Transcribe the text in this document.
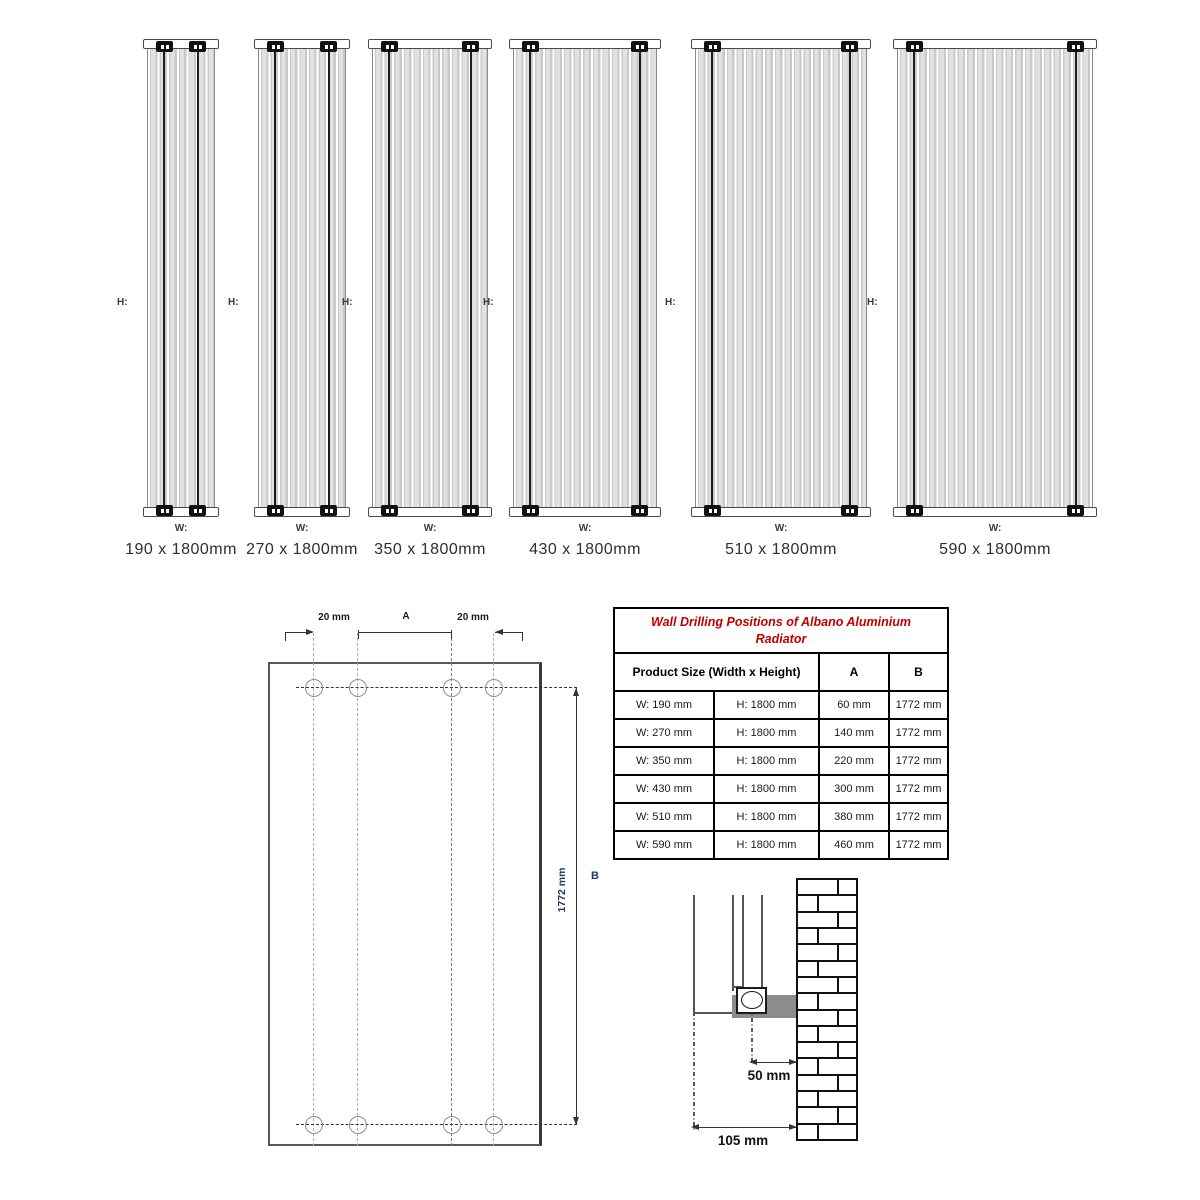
H:
W:
190 x 1800mm
H:
W:
270 x 1800mm
H:
W:
350 x 1800mm
H:
W:
430 x 1800mm
H:
W:
510 x 1800mm
H:
W:
590 x 1800mm
20 mm	A	20 mm
1772 mm B
Wall Drilling Positions of Albano Aluminium Radiator			

Product Size (Width x Height)		A	B
W: 190 mm	H: 1800 mm	60 mm	1772 mm
W: 270 mm	H: 1800 mm	140 mm	1772 mm
W: 350 mm	H: 1800 mm	220 mm	1772 mm
W: 430 mm	H: 1800 mm	300 mm	1772 mm
W: 510 mm	H: 1800 mm	380 mm	1772 mm
W: 590 mm	H: 1800 mm	460 mm	1772 mm
50 mm
105 mm
